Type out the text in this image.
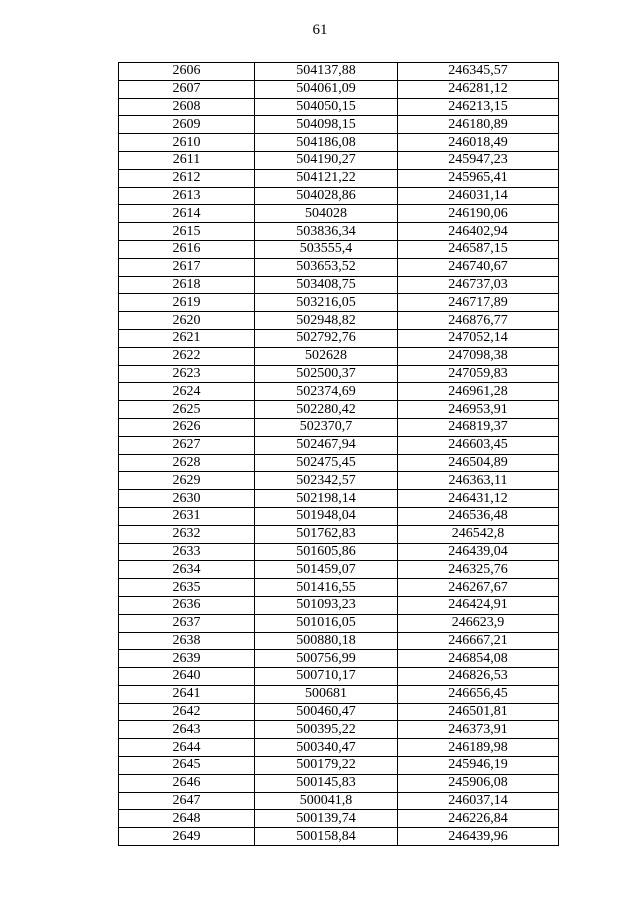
61
2606	504137,88	246345,57
2607	504061,09	246281,12
2608	504050,15	246213,15
2609	504098,15	246180,89
2610	504186,08	246018,49
2611	504190,27	245947,23
2612	504121,22	245965,41
2613	504028,86	246031,14
2614	504028	246190,06
2615	503836,34	246402,94
2616	503555,4	246587,15
2617	503653,52	246740,67
2618	503408,75	246737,03
2619	503216,05	246717,89
2620	502948,82	246876,77
2621	502792,76	247052,14
2622	502628	247098,38
2623	502500,37	247059,83
2624	502374,69	246961,28
2625	502280,42	246953,91
2626	502370,7	246819,37
2627	502467,94	246603,45
2628	502475,45	246504,89
2629	502342,57	246363,11
2630	502198,14	246431,12
2631	501948,04	246536,48
2632	501762,83	246542,8
2633	501605,86	246439,04
2634	501459,07	246325,76
2635	501416,55	246267,67
2636	501093,23	246424,91
2637	501016,05	246623,9
2638	500880,18	246667,21
2639	500756,99	246854,08
2640	500710,17	246826,53
2641	500681	246656,45
2642	500460,47	246501,81
2643	500395,22	246373,91
2644	500340,47	246189,98
2645	500179,22	245946,19
2646	500145,83	245906,08
2647	500041,8	246037,14
2648	500139,74	246226,84
2649	500158,84	246439,96
